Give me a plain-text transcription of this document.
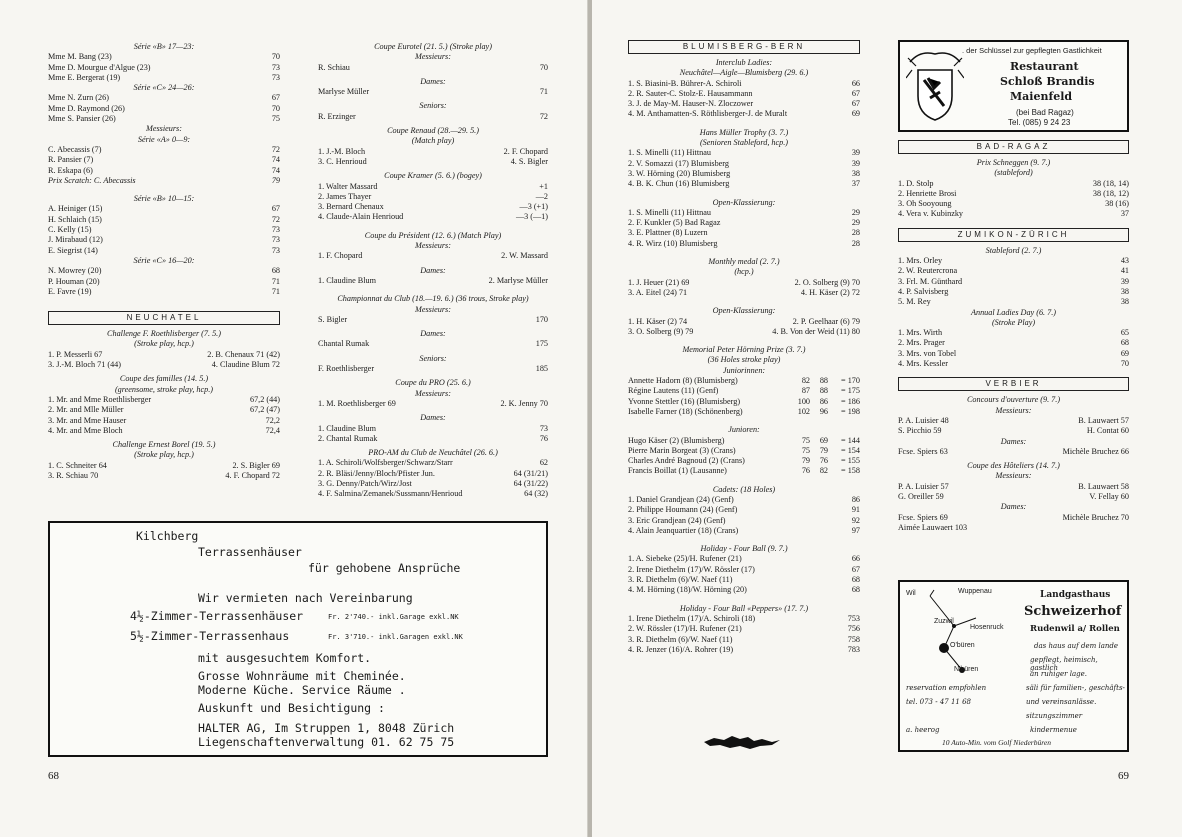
Série «B» 17—23:
Mme M. Bang (23)	70
Mme D. Mourgue d'Algue (23)	73
Mme E. Bergerat (19)	73
Série «C» 24—26:
Mme N. Zurn (26)	67
Mme D. Raymond (26)	70
Mme S. Pansier (26)	75
Messieurs:
Série «A» 0—9:
C. Abecassis (7)	72
R. Pansier (7)	74
R. Eskapa (6)	74
Prix Scratch: C. Abecassis	79
Série «B» 10—15:
A. Heiniger (15)	67
H. Schlaich (15)	72
C. Kelly (15)	73
J. Mirabaud (12)	73
E. Siegrist (14)	73
Série «C» 16—20:
N. Mowrey (20)	68
P. Houman (20)	71
E. Favre (19)	71
NEUCHATEL
Challenge F. Roethlisberger (7. 5.)
(Stroke play, hcp.)
1. P. Messerli 67	2. B. Chenaux 71 (42)
3. J.-M. Bloch 71 (44)	4. Claudine Blum 72
Coupe des familles (14. 5.)
(greensome, stroke play, hcp.)
1. Mr. and Mme Roethlisberger	67,2 (44)
2. Mr. and Mlle Müller	67,2 (47)
3. Mr. and Mme Hauser	72,2
4. Mr. and Mme Bloch	72,4
Challenge Ernest Borel (19. 5.)
(Stroke play, hcp.)
1. C. Schneiter 64	2. S. Bigler 69
3. R. Schiau 70	4. F. Chopard 72
Coupe Eurotel (21. 5.) (Stroke play)
Messieurs:
R. Schiau	70
Dames:
Marlyse Müller	71
Seniors:
R. Erzinger	72
Coupe Renaud (28.—29. 5.)
(Match play)
1. J.-M. Bloch	2. F. Chopard
3. C. Henrioud	4. S. Bigler
Coupe Kramer (5. 6.) (bogey)
1. Walter Massard	+1
2. James Thayer	—2
3. Bernard Chenaux	—3 (+1)
4. Claude-Alain Henrioud	—3 (—1)
Coupe du Président (12. 6.) (Match Play)
Messieurs:
1. F. Chopard	2. W. Massard
Dames:
1. Claudine Blum	2. Marlyse Müller
Championnat du Club (18.—19. 6.) (36 trous, Stroke play)
Messieurs:
S. Bigler	170
Dames:
Chantal Rumak	175
Seniors:
F. Roethlisberger	185
Coupe du PRO (25. 6.)
Messieurs:
1. M. Roethlisberger 69	2. K. Jenny 70
Dames:
1. Claudine Blum	73
2. Chantal Rumak	76
PRO-AM du Club de Neuchâtel (26. 6.)
1. A. Schiroli/Wolfsberger/Schwarz/Starr	62
2. R. Bläsi/Jenny/Bloch/Pfister Jun.	64 (31/21)
3. G. Denny/Patch/Wirz/Jost	64 (31/22)
4. F. Salmina/Zemanek/Sussmann/Henrioud	64 (32)
Kilchberg
Terrassenhäuser
für gehobene Ansprüche
Wir vermieten nach Vereinbarung
4½-Zimmer-Terrassenhäuser	Fr. 2'740.- inkl.Garage exkl.NK
5½-Zimmer-Terrassenhaus	Fr. 3'710.- inkl.Garagen exkl.NK
mit ausgesuchtem Komfort.
Grosse Wohnräume mit Cheminée.
Moderne Küche. Service Räume .
Auskunft und Besichtigung :
HALTER AG, Im Struppen 1, 8048 Zürich
Liegenschaftenverwaltung 01. 62 75 75
68
BLUMISBERG-BERN
Interclub Ladies:
Neuchâtel—Aigle—Blumisberg (29. 6.)
1. S. Biasini-B. Bührer-A. Schiroli	66
2. R. Sauter-C. Stolz-E. Hausammann	67
3. J. de May-M. Hauser-N. Zloczower	67
4. M. Anthamatten-S. Röthlisberger-J. de Muralt	69
Hans Müller Trophy (3. 7.)
(Senioren Stableford, hcp.)
1. S. Minelli (11) Hittnau	39
2. V. Somazzi (17) Blumisberg	39
3. W. Hörning (20) Blumisberg	38
4. B. K. Chun (16) Blumisberg	37
Open-Klassierung:
1. S. Minelli (11) Hittnau	29
2. F. Kunkler (5) Bad Ragaz	29
3. E. Plattner (8) Luzern	28
4. R. Wirz (10) Blumisberg	28
Monthly medal (2. 7.)
(hcp.)
1. J. Heuer (21) 69	2. O. Solberg (9) 70
3. A. Eitel (24) 71	4. H. Käser (2) 72
Open-Klassierung:
1. H. Käser (2) 74	2. P. Geelhaar (6) 79
3. O. Solberg (9) 79	4. B. Von der Weid (11) 80
Memorial Peter Hörning Prize (3. 7.)
(36 Holes stroke play)
Juniorinnen:
Annette Hadorn (8) (Blumisberg)	82	88	= 170
Régine Lautens (11) (Genf)	87	88	= 175
Yvonne Stettler (16) (Blumisberg)	100	86	= 186
Isabelle Farner (18) (Schönenberg)	102	96	= 198
Junioren:
Hugo Käser (2) (Blumisberg)	75	69	= 144
Pierre Marin Borgeat (3) (Crans)	75	79	= 154
Charles André Bagnoud (2) (Crans)	79	76	= 155
Francis Boillat (1) (Lausanne)	76	82	= 158
Cadets: (18 Holes)
1. Daniel Grandjean (24) (Genf)	86
2. Philippe Houmann (24) (Genf)	91
3. Eric Grandjean (24) (Genf)	92
4. Alain Jeanquartier (18) (Crans)	97
Holiday - Four Ball (9. 7.)
1. A. Siebeke (25)/H. Rufener (21)	66
2. Irene Diethelm (17)/W. Rössler (17)	67
3. R. Diethelm (6)/W. Naef (11)	68
4. M. Hörning (18)/W. Hörning (20)	68
Holiday - Four Ball «Peppers» (17. 7.)
1. Irene Diethelm (17)/A. Schiroli (18)	753
2. W. Rössler (17)/H. Rufener (21)	756
3. R. Diethelm (6)/W. Naef (11)	758
4. R. Jenzer (16)/A. Rohrer (19)	783
. der Schlüssel zur gepflegten Gastlichkeit
Restaurant
Schloß Brandis
Maienfeld
(bei Bad Ragaz)
Tel. (085) 9 24 23
BAD-RAGAZ
Prix Schneggen (9. 7.)
(stableford)
1. D. Stolp	38 (18, 14)
2. Henriette Brosi	38 (18, 12)
3. Oh Sooyoung	38 (16)
4. Vera v. Kubinzky	37
ZUMIKON-ZÜRICH
Stableford (2. 7.)
1. Mrs. Orley	43
2. W. Reutercrona	41
3. Frl. M. Günthard	39
4. P. Salvisberg	38
5. M. Rey	38
Annual Ladies Day (6. 7.)
(Stroke Play)
1. Mrs. Wirth	65
2. Mrs. Prager	68
3. Mrs. von Tobel	69
4. Mrs. Kessler	70
VERBIER
Concours d'ouverture (9. 7.)
Messieurs:
P. A. Luisier 48	B. Lauwaert 57
S. Picchio 59	H. Contat 60
Dames:
Fcse. Spiers 63	Michèle Bruchez 66
Coupe des Hôteliers (14. 7.)
Messieurs:
P. A. Luisier 57	B. Lauwaert 58
G. Oreiller 59	V. Fellay 60
Dames:
Fcse. Spiers 69	Michèle Bruchez 70
Aimée Lauwaert 103
Wil	Wuppenau
Zuzwil
Hosenruck
O'büren
N'büren
Landgasthaus
Schweizerhof
Rudenwil a/ Rollen
das haus auf dem lande
gepflegt, heimisch, gastlich
an ruhiger lage.
reservation empfohlen	säli für familien-, geschäfts-
tel. 073 - 47 11 68	und vereinsanlässe.
sitzungszimmer
a. heerog	kindermenue
10 Auto-Min. vom Golf Niederbüren
69
